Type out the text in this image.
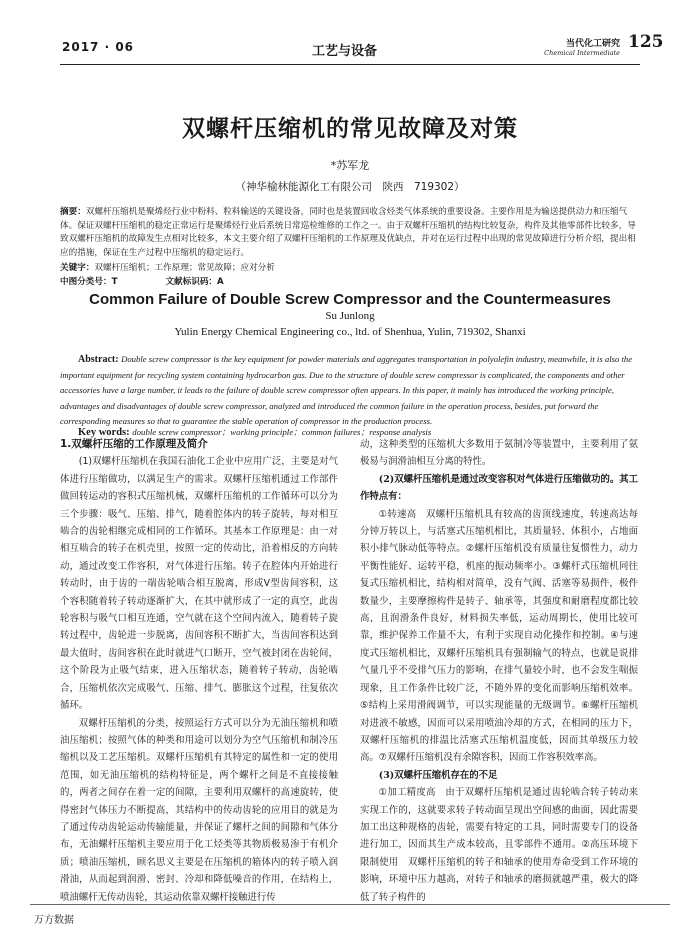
2017 · 06	工艺与设备	当代化工研究
Chemical Intermediate
125
双螺杆压缩机的常见故障及对策
*苏军龙
（神华榆林能源化工有限公司　陕西　719302）
摘要：双螺杆压缩机是聚烯烃行业中粉料、粒料输送的关键设备，同时也是装置回收含烃类气体系统的重要设备。主要作用是为输送提供动力和压缩气体。保证双螺杆压缩机的稳定正常运行是聚烯烃行业后系统日常巡检维修的工作之一。由于双螺杆压缩机的结构比较复杂，构件及其他零部件比较多，导致双螺杆压缩机的故障发生点相对比较多，本文主要介绍了双螺杆压缩机的工作原理及优缺点，并对在运行过程中出现的常见故障进行分析介绍，提出相应的措施，保证在生产过程中压缩机的稳定运行。
关键字：双螺杆压缩机；工作原理；常见故障；应对分析
中图分类号：T	文献标识码：A
Common Failure of Double Screw Compressor and the Countermeasures
Su Junlong
Yulin Energy Chemical Engineering co., ltd. of Shenhua, Yulin, 719302, Shanxi
Abstract: Double screw compressor is the key equipment for powder materials and aggregates transportation in polyolefin industry, meanwhile, it is also the important equipment for recycling system containing hydrocarbon gas. Due to the structure of double screw compressor is complicated, the components and other accessories have a large number, it leads to the failure of double screw compressor often appears. In this paper, it mainly has introduced the working principle, advantages and disadvantages of double screw compressor, analyzed and introduced the common failure in the operation process, besides, put forward the corresponding measures so that to guarantee the stable operation of compressor in the production process.
Key words: double screw compressor；working principle；common failures；response analysis

1.双螺杆压缩的工作原理及简介

(1)双螺杆压缩机在我国石油化工企业中应用广泛，主要是对气体进行压缩做功，以满足生产的需求。双螺杆压缩机通过工作部件做回转运动的容积式压缩机械，双螺杆压缩机的工作循环可以分为三个步骤：吸气、压缩、排气，随着腔体内的转子旋转，每对相互啮合的齿轮相继完成相同的工作循环。其基本工作原理是：由一对相互啮合的转子在机壳里，按照一定的传动比，沿着相反的方向转动，通过改变工作容积，对气体进行压缩。转子在腔体内开始进行转动时，由于齿的一端齿轮啮合相互脱离，形成V型齿间容积，这个容积随着转子转动逐渐扩大，在其中就形成了一定的真空，此齿轮容积与吸气口相互连通，空气就在这个空间内流入，随着转子旋转过程中，齿轮进一步脱离，齿间容积不断扩大，当齿间容积达到最大值时，齿间容积在此时就进气口断开，空气被封闭在齿轮间，这个阶段为止吸气结束，进入压缩状态，随着转子转动，齿轮啮合，压缩机依次完成吸气、压缩、排气、膨胀这个过程，往复依次循环。

双螺杆压缩机的分类，按照运行方式可以分为无油压缩机和喷油压缩机；按照气体的种类和用途可以划分为空气压缩机和制冷压缩机以及工艺压缩机。双螺杆压缩机有其特定的属性和一定的使用范围，如无油压缩机的结构特征是，两个螺杆之间是不直接接触的，两者之间存在着一定的间隙，主要利用双螺杆的高速旋转，使得密封气体压力不断提高，其结构中的传动齿轮的应用目的就是为了通过传动齿轮运动传输能量，并保证了螺杆之间的间隙和气体分布，无油螺杆压缩机主要应用于化工烃类等其物质极易渗于有机介质；喷油压缩机，顾名思义主要是在压缩机的箱体内的转子喷入润滑油，从而起到润滑、密封、冷却和降低噪音的作用，在结构上，喷油螺杆无传动齿轮，其运动依靠双螺杆接触进行传

动，这种类型的压缩机大多数用于氨制冷等装置中，主要利用了氨极易与润滑油相互分离的特性。

(2)双螺杆压缩机是通过改变容积对气体进行压缩做功的。其工作特点有：

①转速高　双螺杆压缩机具有较高的齿顶线速度，转速高达每分钟万转以上，与活塞式压缩机相比，其质量轻、体积小，占地面积小排气脉动低等特点。②螺杆压缩机没有质量往复惯性力，动力平衡性能好、运转平稳，机座的振动频率小。③螺杆式压缩机同往复式压缩机相比，结构相对简单，没有气阀、活塞等易损件，极件数量少，主要摩擦构件是转子、轴承等，其强度和耐磨程度都比较高，且润滑条件良好，材料损失率低，运动周期长，使用比较可靠，维护保养工作量不大，有利于实现自动化操作和控制。④与速度式压缩机相比，双螺杆压缩机具有强制输气的特点，也就是说排气量几乎不受排气压力的影响，在排气量较小时，也不会发生喘振现象，且工作条件比较广泛，不随外界的变化而影响压缩机效率。⑤结构上采用滑阀调节，可以实现能量的无级调节。⑥螺杆压缩机对进液不敏感，因而可以采用喷油冷却的方式，在相同的压力下，双螺杆压缩机的排温比活塞式压缩机温度低，因而其单级压力较高。⑦双螺杆压缩机没有余隙容积，因而工作容积效率高。

(3)双螺杆压缩机存在的不足

①加工精度高　由于双螺杆压缩机是通过齿轮啮合转子转动来实现工作的，这就要求转子转动面呈现出空间感的曲面，因此需要加工出这种规格的齿轮，需要有特定的工具，同时需要专门的设备进行加工，因而其生产成本较高，且零部件不通用。②高压环境下限制使用　双螺杆压缩机的转子和轴承的使用寿命受到工作环境的影响，环境中压力越高，对转子和轴承的磨损就越严重，极大的降低了转子构件的

万方数据
